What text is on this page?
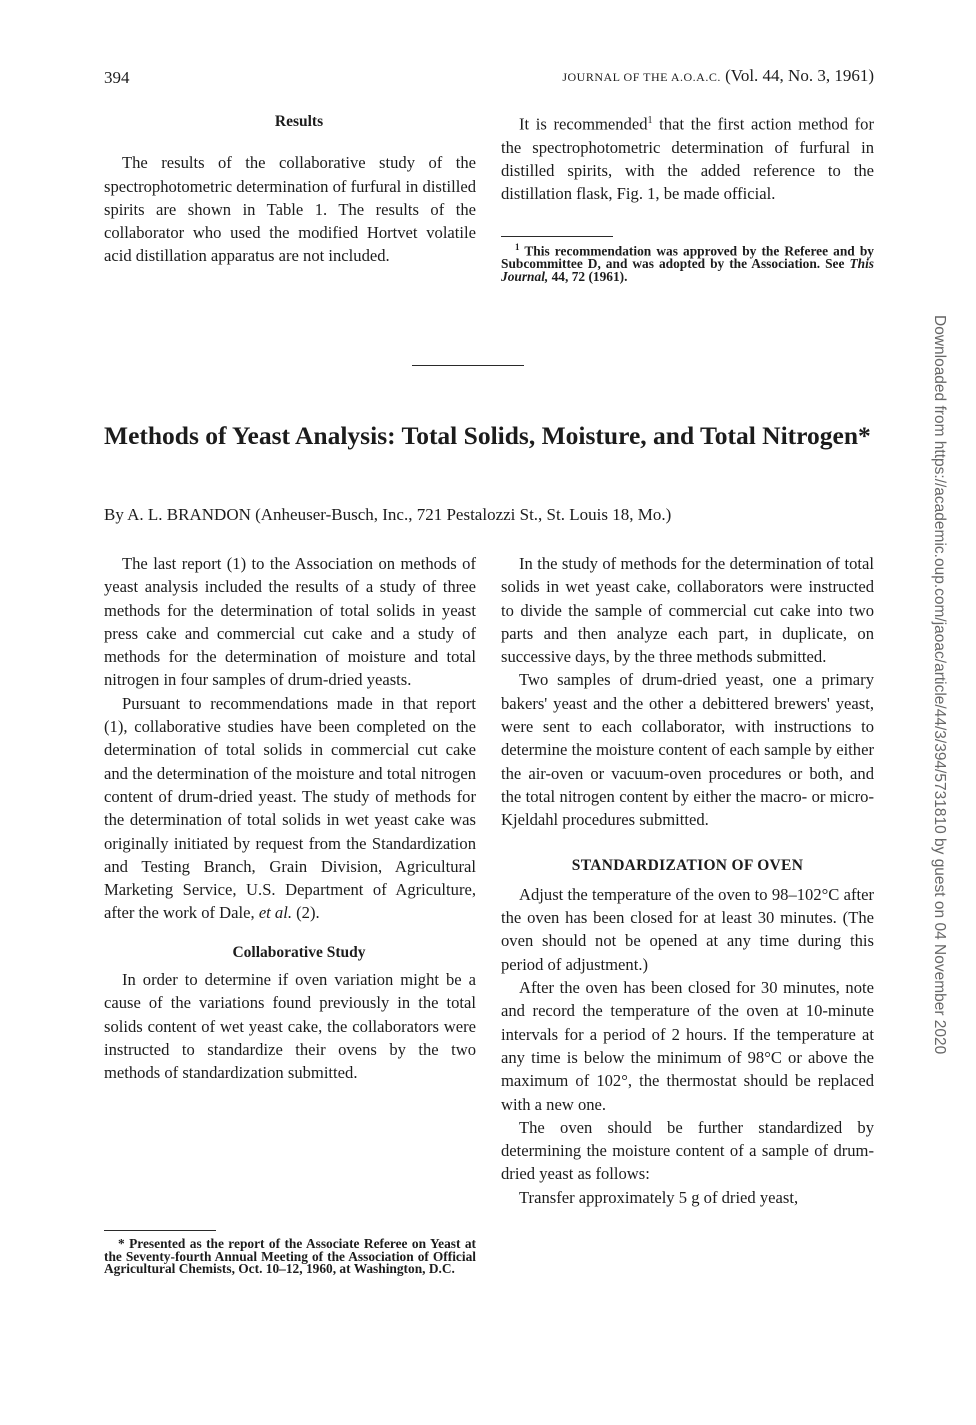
394	JOURNAL OF THE A.O.A.C. (Vol. 44, No. 3, 1961)

Results

The results of the collaborative study of the spectrophotometric determination of furfural in distilled spirits are shown in Table 1. The results of the collaborator who used the modified Hortvet volatile acid distillation apparatus are not included.

It is recommended$^1$ that the first action method for the spectrophotometric determination of furfural in distilled spirits, with the added reference to the distillation flask, Fig. 1, be made official.

$^1$ This recommendation was approved by the Referee and by Subcommittee D, and was adopted by the Association. See This Journal, 44, 72 (1961).

Methods of Yeast Analysis: Total Solids, Moisture, and Total Nitrogen*
By A. L. BRANDON (Anheuser-Busch, Inc., 721 Pestalozzi St., St. Louis 18, Mo.)

The last report (1) to the Association on methods of yeast analysis included the results of a study of three methods for the determination of total solids in yeast press cake and commercial cut cake and a study of methods for the determination of moisture and total nitrogen in four samples of drum-dried yeasts.

Pursuant to recommendations made in that report (1), collaborative studies have been completed on the determination of total solids in commercial cut cake and the determination of the moisture and total nitrogen content of drum-dried yeast. The study of methods for the determination of total solids in wet yeast cake was originally initiated by request from the Standardization and Testing Branch, Grain Division, Agricultural Marketing Service, U.S. Department of Agriculture, after the work of Dale, et al. (2).

Collaborative Study

In order to determine if oven variation might be a cause of the variations found previously in the total solids content of wet yeast cake, the collaborators were instructed to standardize their ovens by the two methods of standardization submitted.

* Presented as the report of the Associate Referee on Yeast at the Seventy-fourth Annual Meeting of the Association of Official Agricultural Chemists, Oct. 10–12, 1960, at Washington, D.C.

In the study of methods for the determination of total solids in wet yeast cake, collaborators were instructed to divide the sample of commercial cut cake into two parts and then analyze each part, in duplicate, on successive days, by the three methods submitted.

Two samples of drum-dried yeast, one a primary bakers' yeast and the other a debittered brewers' yeast, were sent to each collaborator, with instructions to determine the moisture content of each sample by either the air-oven or vacuum-oven procedures or both, and the total nitrogen content by either the macro- or micro-Kjeldahl procedures submitted.

STANDARDIZATION OF OVEN

Adjust the temperature of the oven to 98–102°C after the oven has been closed for at least 30 minutes. (The oven should not be opened at any time during this period of adjustment.)

After the oven has been closed for 30 minutes, note and record the temperature of the oven at 10-minute intervals for a period of 2 hours. If the temperature at any time is below the minimum of 98°C or above the maximum of 102°, the thermostat should be replaced with a new one.

The oven should be further standardized by determining the moisture content of a sample of drum-dried yeast as follows:

Transfer approximately 5 g of dried yeast,

Downloaded from https://academic.oup.com/jaoac/article/44/3/394/5731810 by guest on 04 November 2020
